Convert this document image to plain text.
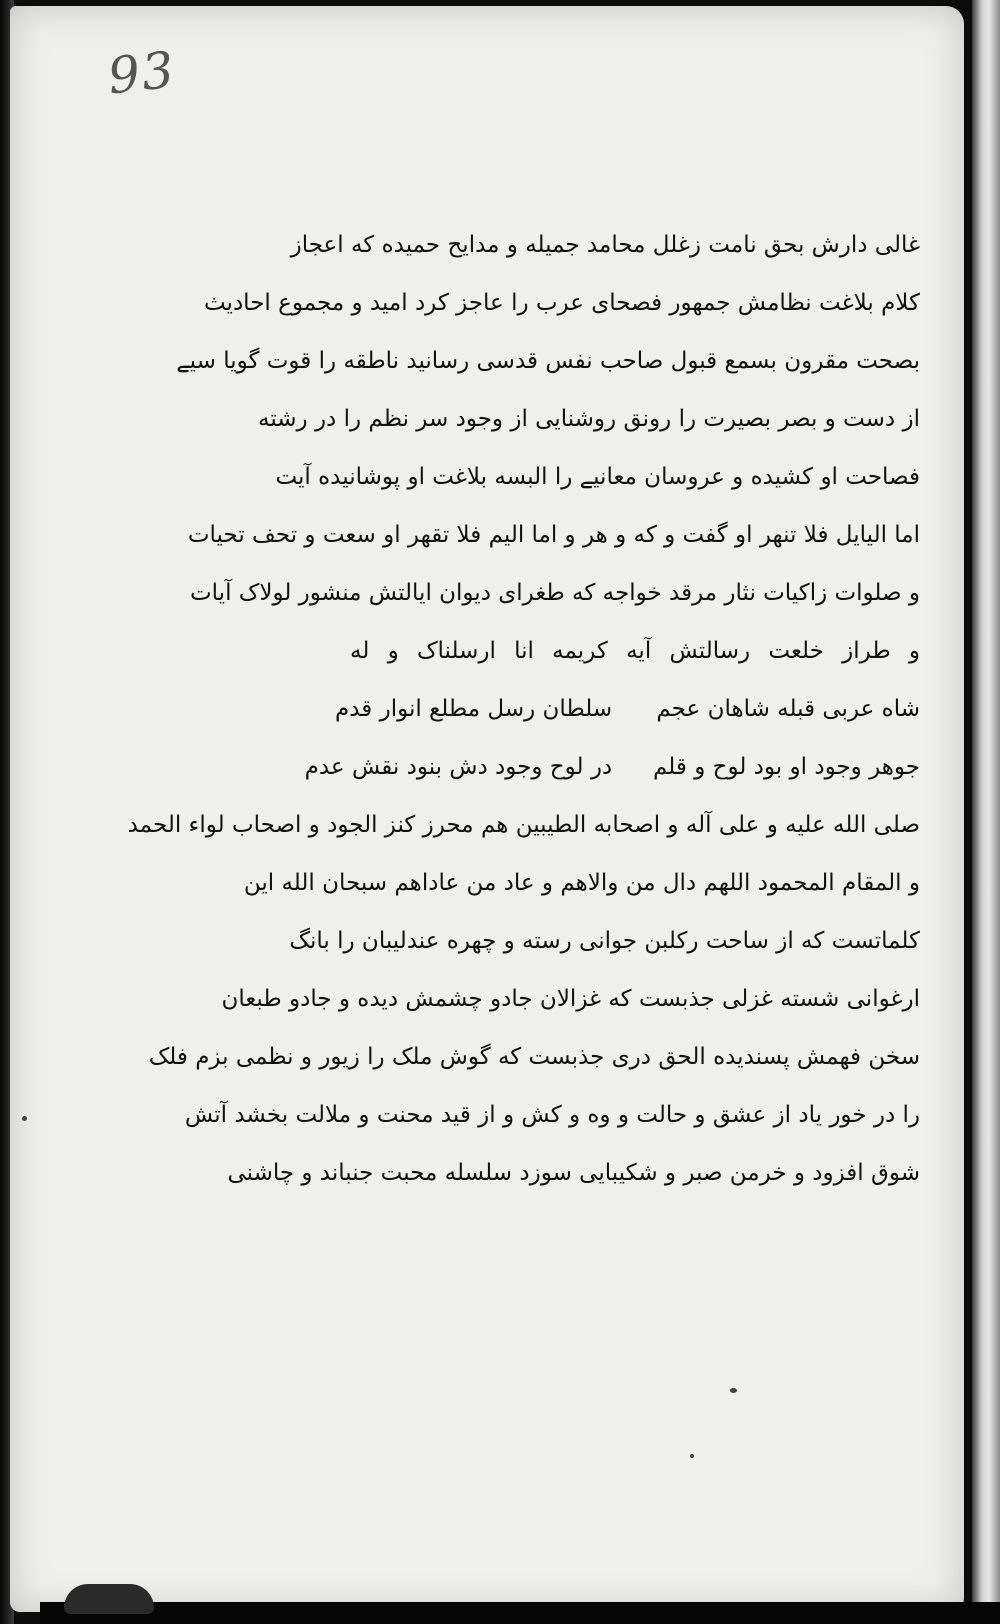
93
غالی دارش بحق نامت زغلل محامد جمیله و مدایح حمیده که اعجاز
کلام بلاغت نظامش جمهور فصحای عرب را عاجز کرد امید و مجموع احادیث
بصحت مقرون بسمع قبول صاحب نفس قدسی رسانید ناطقه را قوت گویا سیے
از دست و بصر بصیرت را رونق روشنایی از وجود سر نظم را در رشته
فصاحت او کشیده و عروسان معانیے را البسه بلاغت او پوشانیده آیت
اما الیایل فلا تنهر او گفت و که و هر و اما الیم فلا تقهر او سعت و تحف تحیات
و صلوات زاکیات نثار مرقد خواجه که طغرای دیوان ایالتش منشور لولاک آیات
و طراز خلعت رسالتش آیه کریمه انا ارسلناک و له
شاه عربی قبله شاهان عجم
سلطان رسل مطلع انوار قدم
جوهر وجود او بود لوح و قلم
در لوح وجود دش بنود نقش عدم
صلی الله علیه و علی آله و اصحابه الطیبین هم محرز کنز الجود و اصحاب لواء الحمد
و المقام المحمود اللهم دال من والاهم و عاد من عاداهم سبحان الله این
کلماتست که از ساحت رکلبن جوانی رسته و چهره عندلیبان را بانگ
ارغوانی شسته غزلی جذبست که غزالان جادو چشمش دیده و جادو طبعان
سخن فهمش پسندیده الحق دری جذبست که گوش ملک را زیور و نظمی بزم فلک
را در خور یاد از عشق و حالت و وه و کش و از قید محنت و ملالت بخشد آتش
شوق افزود و خرمن صبر و شکیبایی سوزد سلسله محبت جنباند و چاشنی
